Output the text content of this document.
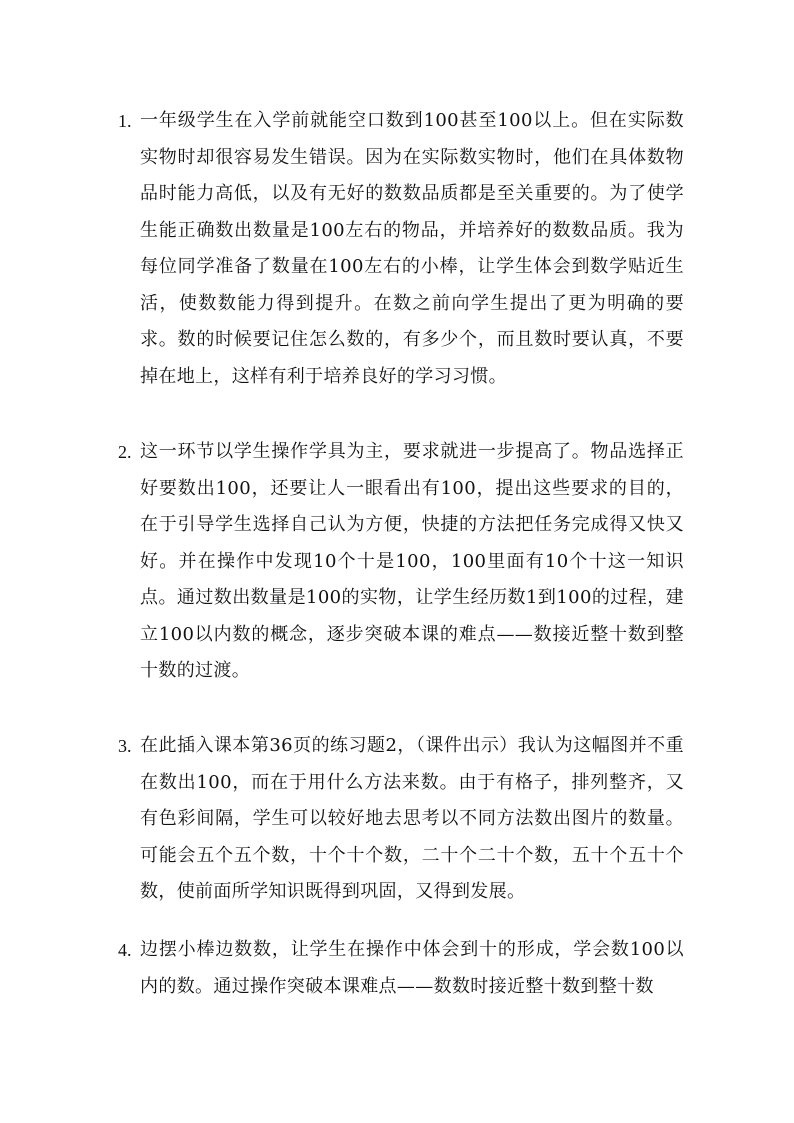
1. 一年级学生在入学前就能空口数到100甚至100以上。但在实际数实物时却很容易发生错误。因为在实际数实物时，他们在具体数物品时能力高低，以及有无好的数数品质都是至关重要的。为了使学生能正确数出数量是100左右的物品，并培养好的数数品质。我为每位同学准备了数量在100左右的小棒，让学生体会到数学贴近生活，使数数能力得到提升。在数之前向学生提出了更为明确的要求。数的时候要记住怎么数的，有多少个，而且数时要认真，不要掉在地上，这样有利于培养良好的学习习惯。
2. 这一环节以学生操作学具为主，要求就进一步提高了。物品选择正好要数出100，还要让人一眼看出有100，提出这些要求的目的，在于引导学生选择自己认为方便，快捷的方法把任务完成得又快又好。并在操作中发现10个十是100，100里面有10个十这一知识点。通过数出数量是100的实物，让学生经历数1到100的过程，建立100以内数的概念，逐步突破本课的难点——数接近整十数到整十数的过渡。
3. 在此插入课本第36页的练习题2，（课件出示）我认为这幅图并不重在数出100，而在于用什么方法来数。由于有格子，排列整齐，又有色彩间隔，学生可以较好地去思考以不同方法数出图片的数量。可能会五个五个数，十个十个数，二十个二十个数，五十个五十个数，使前面所学知识既得到巩固，又得到发展。
4. 边摆小棒边数数，让学生在操作中体会到十的形成，学会数100以内的数。通过操作突破本课难点——数数时接近整十数到整十数
